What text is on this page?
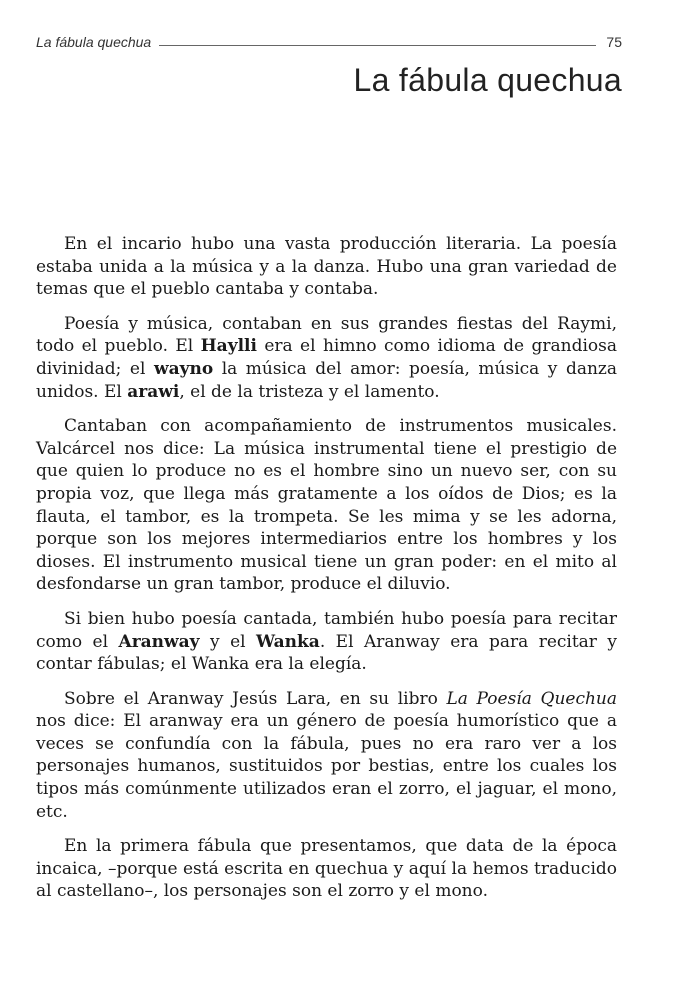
La fábula quechua	75
La fábula quechua

En el incario hubo una vasta producción literaria. La poesía estaba unida a la música y a la danza. Hubo una gran variedad de temas que el pueblo cantaba y contaba.

Poesía y música, contaban en sus grandes fiestas del Raymi, todo el pueblo. El Haylli era el himno como idioma de grandiosa divinidad; el wayno la música del amor: poesía, música y danza unidos. El arawi, el de la tristeza y el lamento.

Cantaban con acompañamiento de instrumentos musicales. Valcárcel nos dice: La música instrumental tiene el prestigio de que quien lo produce no es el hombre sino un nuevo ser, con su propia voz, que llega más gratamente a los oídos de Dios; es la flauta, el tambor, es la trompeta. Se les mima y se les adorna, porque son los mejores intermediarios entre los hombres y los dioses. El instrumento musical tiene un gran poder: en el mito al desfondarse un gran tambor, produce el diluvio.

Si bien hubo poesía cantada, también hubo poesía para recitar como el Aranway y el Wanka. El Aranway era para recitar y contar fábulas; el Wanka era la elegía.

Sobre el Aranway Jesús Lara, en su libro La Poesía Quechua nos dice: El aranway era un género de poesía humorístico que a veces se confundía con la fábula, pues no era raro ver a los personajes humanos, sustituidos por bestias, entre los cuales los tipos más comúnmente utilizados eran el zorro, el jaguar, el mono, etc.

En la primera fábula que presentamos, que data de la época incaica, –porque está escrita en quechua y aquí la hemos traducido al castellano–, los personajes son el zorro y el mono.
